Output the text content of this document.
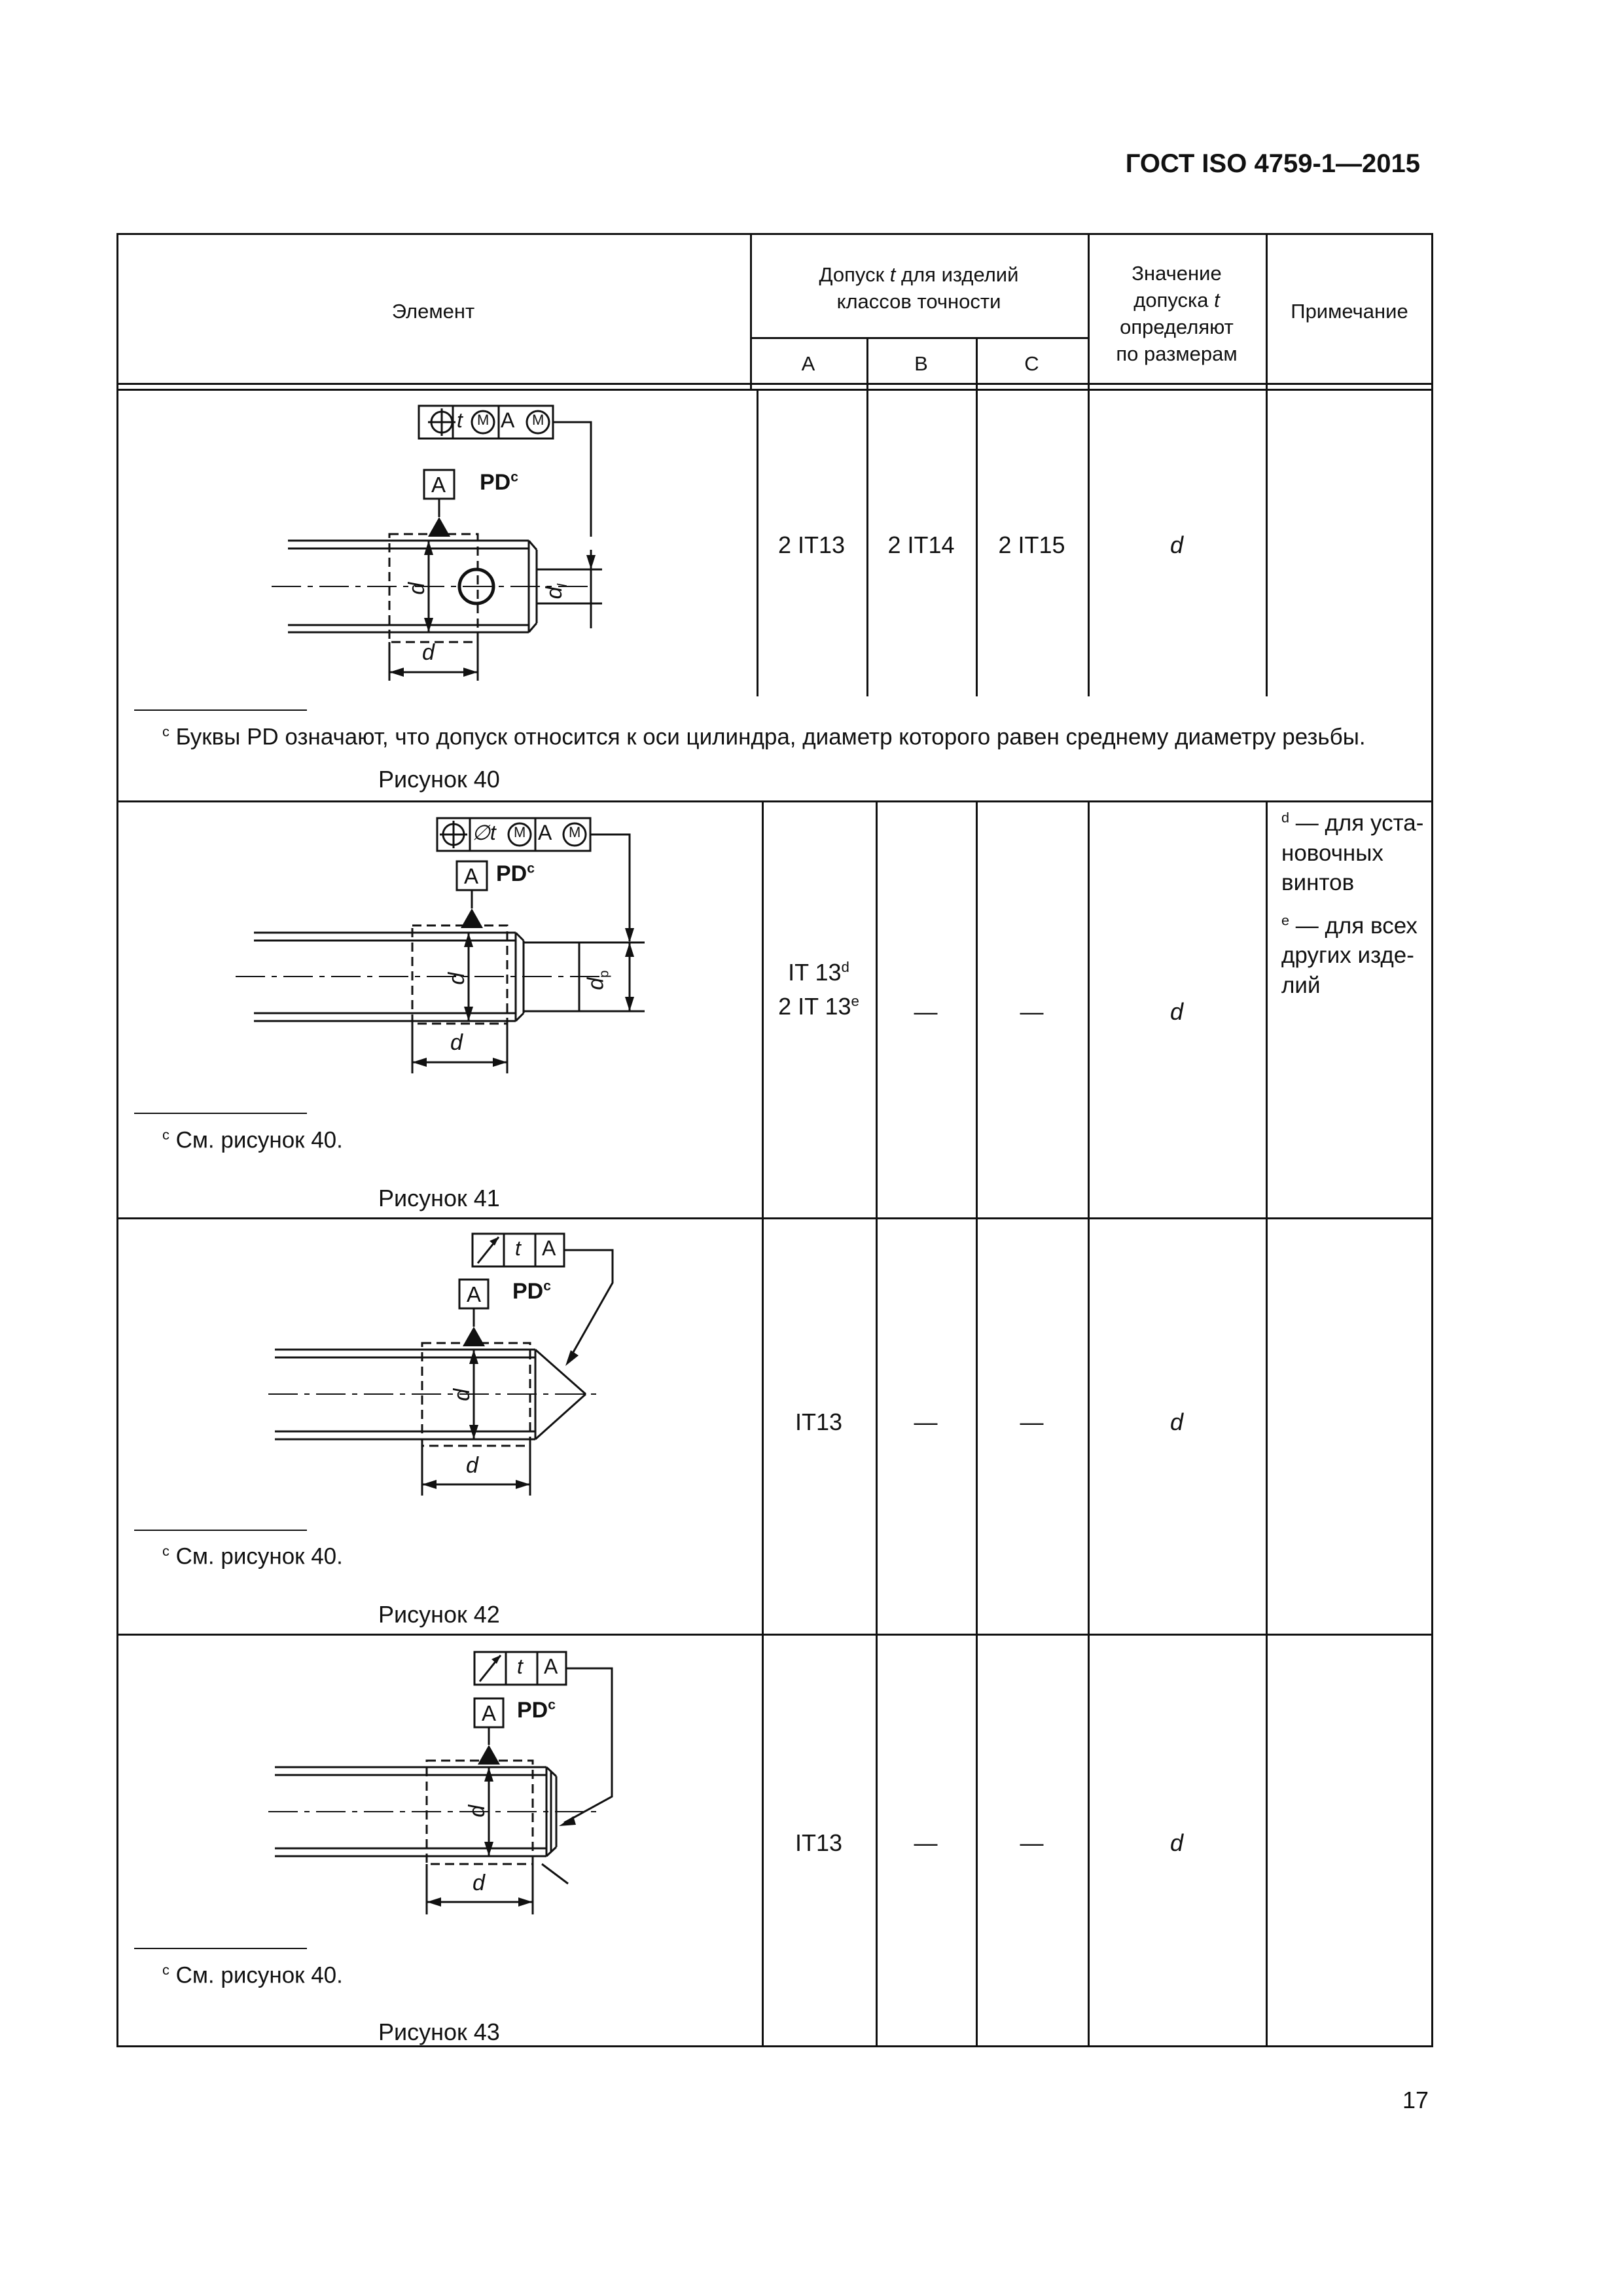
ГОСТ ISO 4759-1—2015
Элемент
Допуск t для изделий
классов точности
A	B	C
Значение
допуска t
определяют
по размерам
Примечание
2 IT13	2 IT14	2 IT15	d
$^c$ Буквы PD означают, что допуск относится к оси цилиндра, диаметр которого равен среднему диаметру резьбы.
Рисунок 40
t M A M
A $PD^c$
d
d
$d_l$
IT 13$^d$
2 IT 13e	—	—	d
$^d$ — для уста-новочных винтов
$^e$ — для всех других изде-лий
$^c$ См. рисунок 40.
Рисунок 41
∅t M A M
A $PD^c$
d
d
$d_p$
IT13	—	—	d
$^c$ См. рисунок 40.
Рисунок 42
t A
A $PD^c$
d
d
IT13	—	—	d
$^c$ См. рисунок 40.
Рисунок 43
t A
A $PD^c$
d
d
17
